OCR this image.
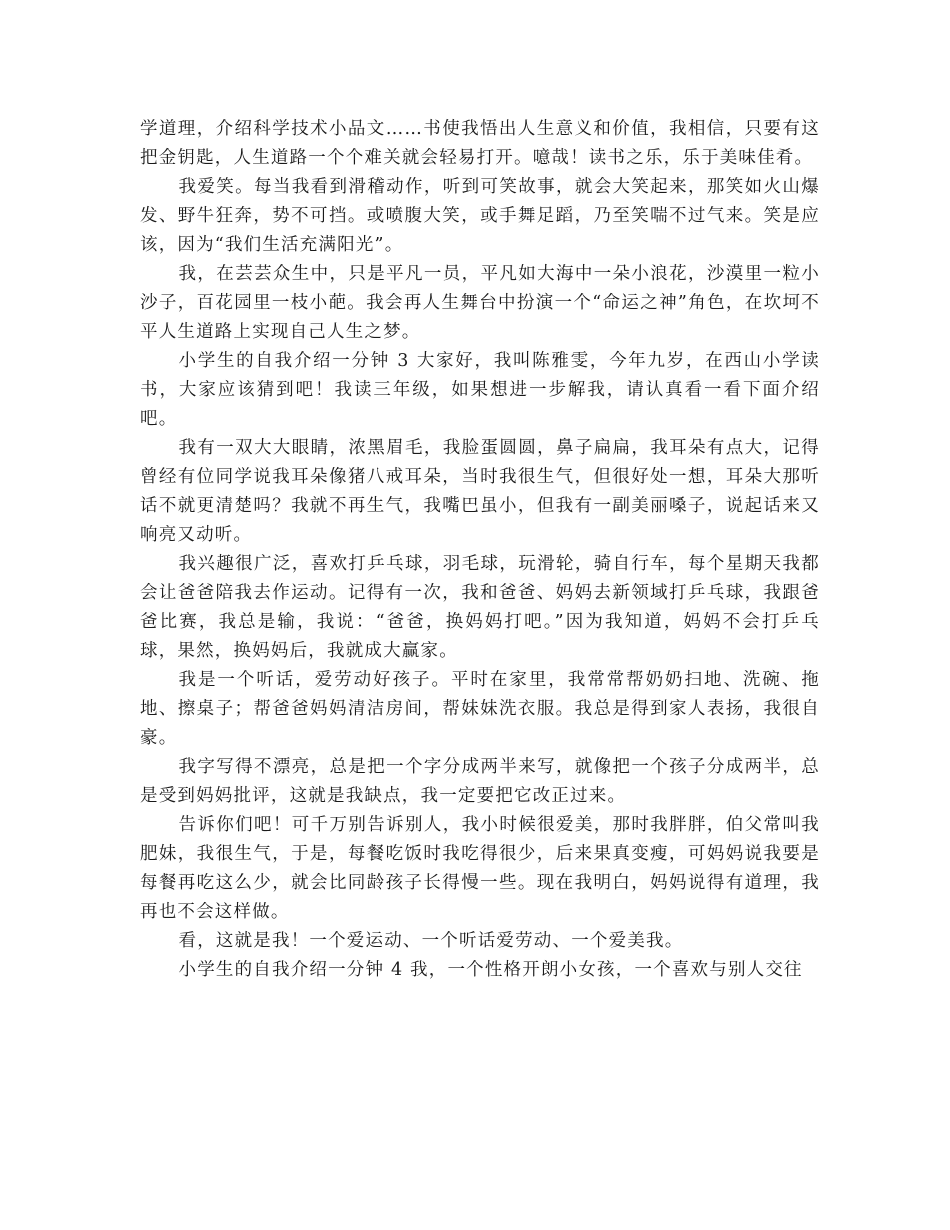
学道理，介绍科学技术小品文……书使我悟出人生意义和价值，我相信，只要有这把金钥匙，人生道路一个个难关就会轻易打开。噫哉！读书之乐，乐于美味佳肴。

我爱笑。每当我看到滑稽动作，听到可笑故事，就会大笑起来，那笑如火山爆发、野牛狂奔，势不可挡。或喷腹大笑，或手舞足蹈，乃至笑喘不过气来。笑是应该，因为“我们生活充满阳光”。

我，在芸芸众生中，只是平凡一员，平凡如大海中一朵小浪花，沙漠里一粒小沙子，百花园里一枝小葩。我会再人生舞台中扮演一个“命运之神”角色，在坎坷不平人生道路上实现自己人生之梦。

小学生的自我介绍一分钟 3 大家好，我叫陈雅雯，今年九岁，在西山小学读书，大家应该猜到吧！我读三年级，如果想进一步解我，请认真看一看下面介绍吧。

我有一双大大眼睛，浓黑眉毛，我脸蛋圆圆，鼻子扁扁，我耳朵有点大，记得曾经有位同学说我耳朵像猪八戒耳朵，当时我很生气，但很好处一想，耳朵大那听话不就更清楚吗？我就不再生气，我嘴巴虽小，但我有一副美丽嗓子，说起话来又响亮又动听。

我兴趣很广泛，喜欢打乒乓球，羽毛球，玩滑轮，骑自行车，每个星期天我都会让爸爸陪我去作运动。记得有一次，我和爸爸、妈妈去新领域打乒乓球，我跟爸爸比赛，我总是输，我说：“爸爸，换妈妈打吧。”因为我知道，妈妈不会打乒乓球，果然，换妈妈后，我就成大赢家。

我是一个听话，爱劳动好孩子。平时在家里，我常常帮奶奶扫地、洗碗、拖地、擦桌子；帮爸爸妈妈清洁房间，帮妹妹洗衣服。我总是得到家人表扬，我很自豪。

我字写得不漂亮，总是把一个字分成两半来写，就像把一个孩子分成两半，总是受到妈妈批评，这就是我缺点，我一定要把它改正过来。

告诉你们吧！可千万别告诉别人，我小时候很爱美，那时我胖胖，伯父常叫我肥妹，我很生气，于是，每餐吃饭时我吃得很少，后来果真变瘦，可妈妈说我要是每餐再吃这么少，就会比同龄孩子长得慢一些。现在我明白，妈妈说得有道理，我再也不会这样做。

看，这就是我！一个爱运动、一个听话爱劳动、一个爱美我。

小学生的自我介绍一分钟 4 我，一个性格开朗小女孩，一个喜欢与别人交往
